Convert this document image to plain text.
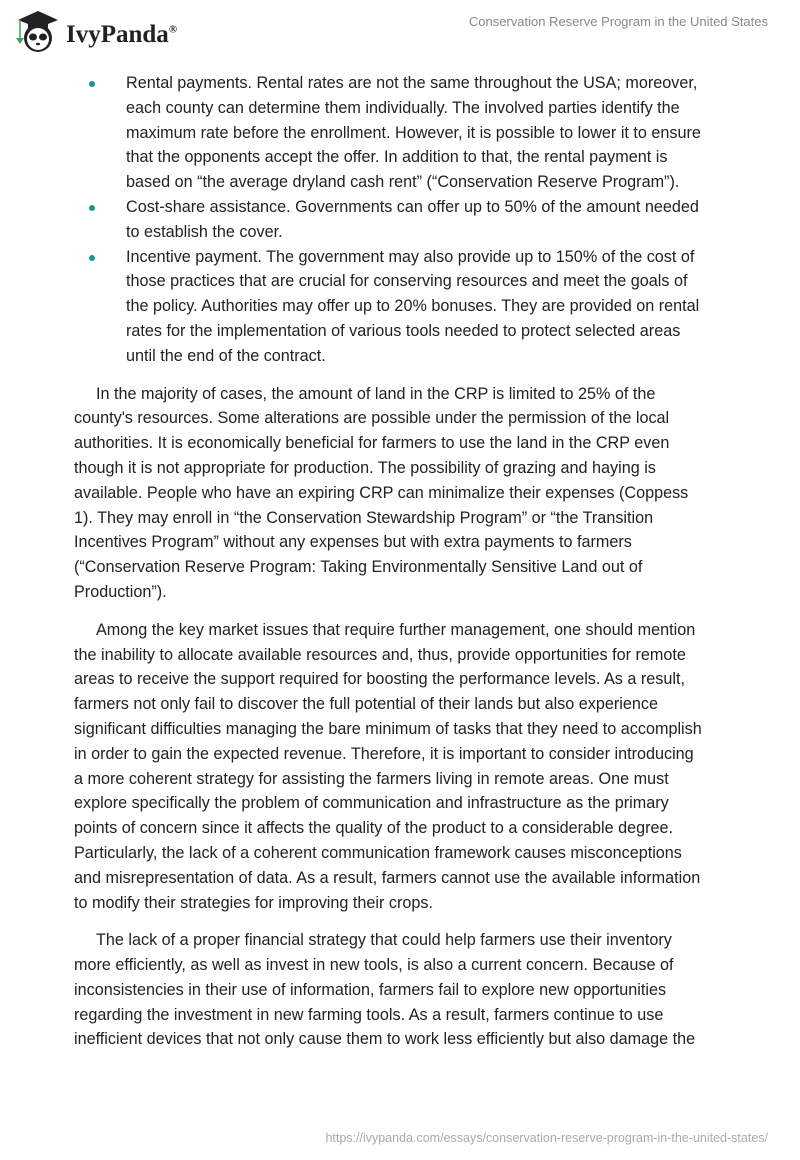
IvyPanda®
Conservation Reserve Program in the United States
Rental payments. Rental rates are not the same throughout the USA; moreover,
each county can determine them individually. The involved parties identify the
maximum rate before the enrollment. However, it is possible to lower it to ensure
that the opponents accept the offer. In addition to that, the rental payment is
based on “the average dryland cash rent” (“Conservation Reserve Program”).
Cost-share assistance. Governments can offer up to 50% of the amount needed
to establish the cover.
Incentive payment. The government may also provide up to 150% of the cost of
those practices that are crucial for conserving resources and meet the goals of
the policy. Authorities may offer up to 20% bonuses. They are provided on rental
rates for the implementation of various tools needed to protect selected areas
until the end of the contract.
In the majority of cases, the amount of land in the CRP is limited to 25% of the
county's resources. Some alterations are possible under the permission of the local
authorities. It is economically beneficial for farmers to use the land in the CRP even
though it is not appropriate for production. The possibility of grazing and haying is
available. People who have an expiring CRP can minimalize their expenses (Coppess
1). They may enroll in “the Conservation Stewardship Program” or “the Transition
Incentives Program” without any expenses but with extra payments to farmers
(“Conservation Reserve Program: Taking Environmentally Sensitive Land out of
Production”).
Among the key market issues that require further management, one should mention
the inability to allocate available resources and, thus, provide opportunities for remote
areas to receive the support required for boosting the performance levels. As a result,
farmers not only fail to discover the full potential of their lands but also experience
significant difficulties managing the bare minimum of tasks that they need to accomplish
in order to gain the expected revenue. Therefore, it is important to consider introducing
a more coherent strategy for assisting the farmers living in remote areas. One must
explore specifically the problem of communication and infrastructure as the primary
points of concern since it affects the quality of the product to a considerable degree.
Particularly, the lack of a coherent communication framework causes misconceptions
and misrepresentation of data. As a result, farmers cannot use the available information
to modify their strategies for improving their crops.
The lack of a proper financial strategy that could help farmers use their inventory
more efficiently, as well as invest in new tools, is also a current concern. Because of
inconsistencies in their use of information, farmers fail to explore new opportunities
regarding the investment in new farming tools. As a result, farmers continue to use
inefficient devices that not only cause them to work less efficiently but also damage the
https://ivypanda.com/essays/conservation-reserve-program-in-the-united-states/
